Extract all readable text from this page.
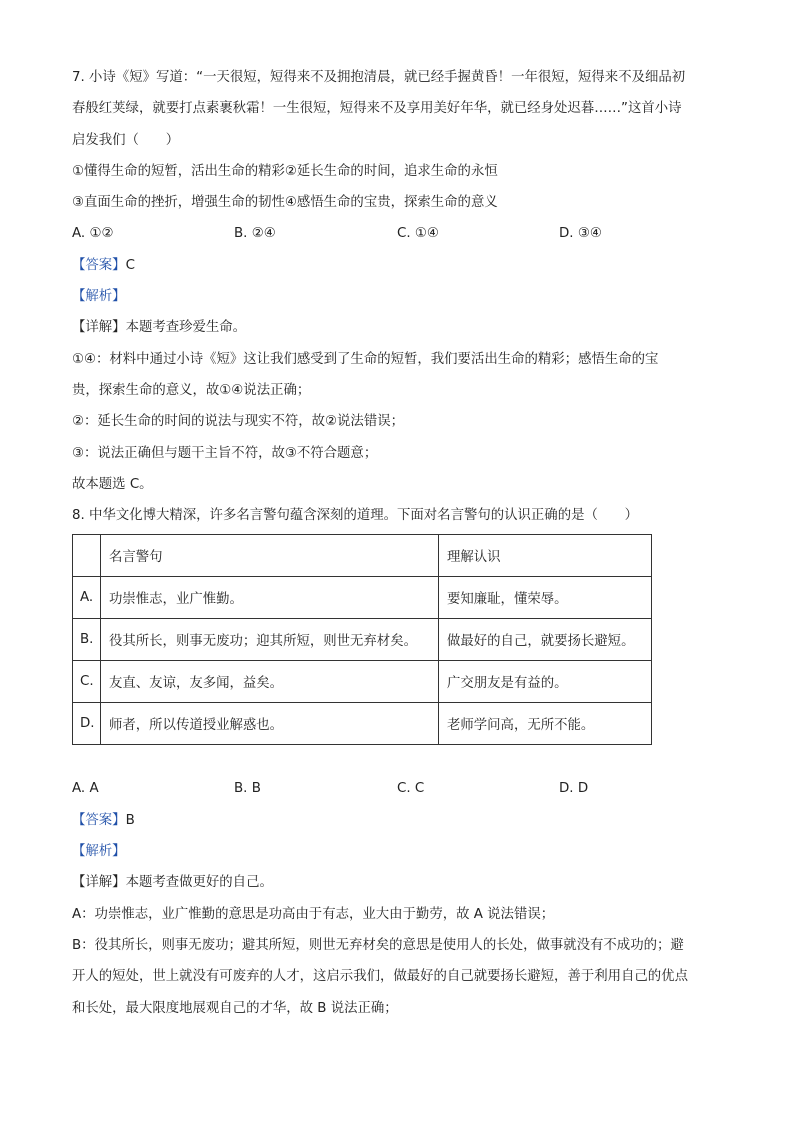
7. 小诗《短》写道：“一天很短，短得来不及拥抱清晨，就已经手握黄昏！一年很短，短得来不及细品初
春般红荚绿，就要打点素裹秋霜！一生很短，短得来不及享用美好年华，就已经身处迟暮……”这首小诗
启发我们（　　）
①懂得生命的短暂，活出生命的精彩②延长生命的时间，追求生命的永恒
③直面生命的挫折，增强生命的韧性④感悟生命的宝贵，探索生命的意义
A. ①②	B. ②④	C. ①④	D. ③④
【答案】C
【解析】
【详解】本题考查珍爱生命。
①④：材料中通过小诗《短》这让我们感受到了生命的短暂，我们要活出生命的精彩；感悟生命的宝
贵，探索生命的意义，故①④说法正确；
②：延长生命的时间的说法与现实不符，故②说法错误；
③：说法正确但与题干主旨不符，故③不符合题意；
故本题选 C。
8. 中华文化博大精深，许多名言警句蕴含深刻的道理。下面对名言警句的认识正确的是（　　）
	名言警句	理解认识
A.	功崇惟志，业广惟勤。	要知廉耻，懂荣辱。
B.	役其所长，则事无废功；迎其所短，则世无弃材矣。	做最好的自己，就要扬长避短。
C.	友直、友谅，友多闻，益矣。	广交朋友是有益的。
D.	师者，所以传道授业解惑也。	老师学问高，无所不能。
A. A	B. B	C. C	D. D
【答案】B
【解析】
【详解】本题考查做更好的自己。
A：功崇惟志，业广惟勤的意思是功高由于有志，业大由于勤劳，故 A 说法错误；
B：役其所长，则事无废功；避其所短，则世无弃材矣的意思是使用人的长处，做事就没有不成功的；避
开人的短处，世上就没有可废弃的人才，这启示我们，做最好的自己就要扬长避短，善于利用自己的优点
和长处，最大限度地展观自己的才华，故 B 说法正确；
